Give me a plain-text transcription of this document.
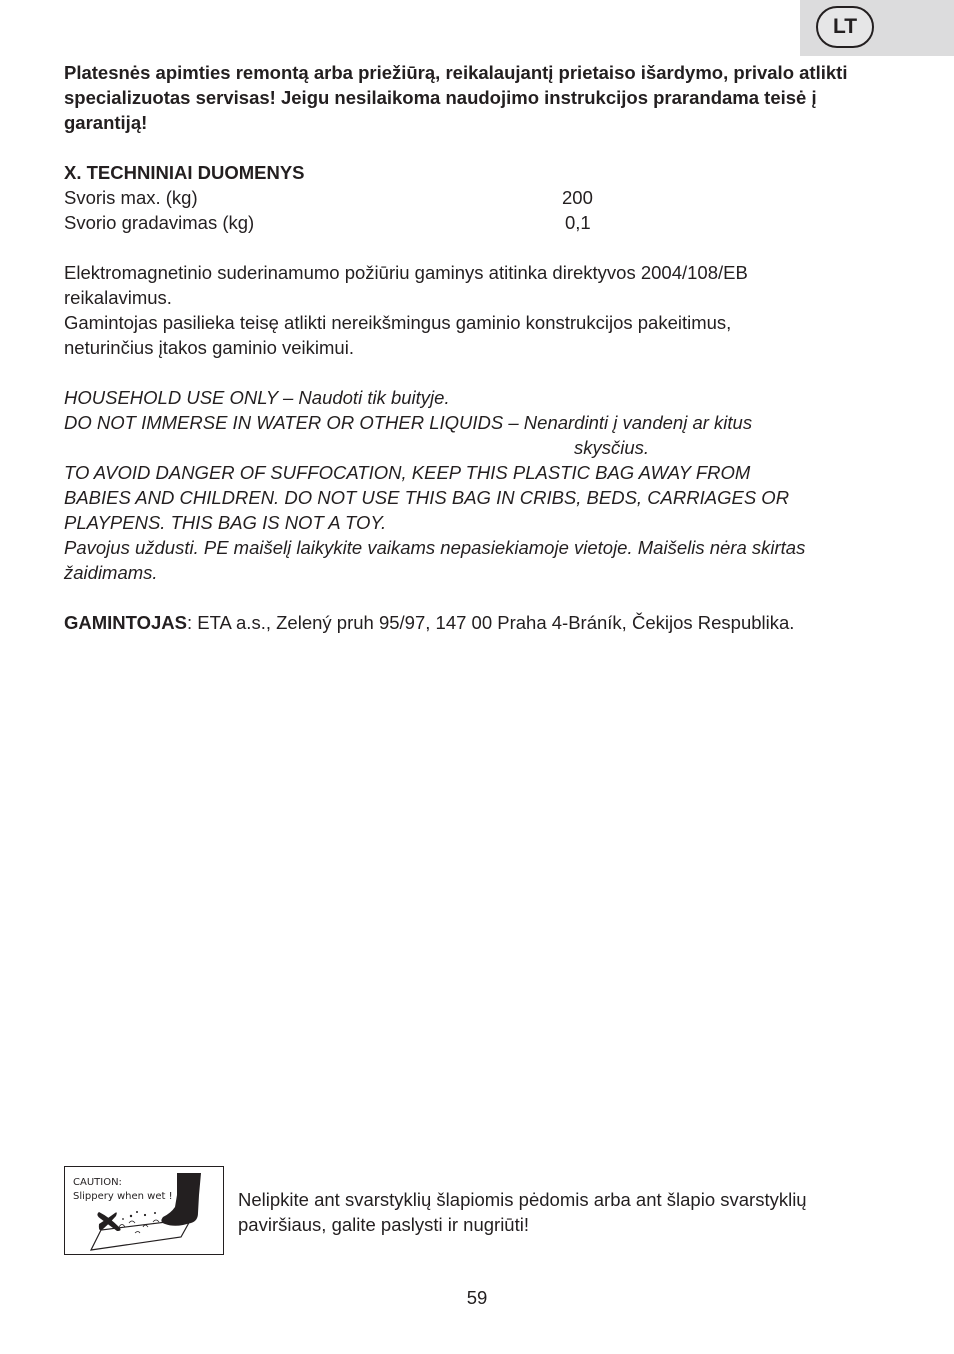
LT

Platesnės apimties remontą arba priežiūrą, reikalaujantį prietaiso išardymo, privalo atlikti specializuotas servisas! Jeigu nesilaikoma naudojimo instrukcijos prarandama teisė į garantiją!

X. TECHNINIAI DUOMENYS

Svoris max. (kg)	200
Svorio gradavimas (kg)	0,1

Elektromagnetinio suderinamumo požiūriu gaminys atitinka direktyvos 2004/108/EB

reikalavimus.

Gamintojas pasilieka teisę atlikti nereikšmingus gaminio konstrukcijos pakeitimus,

neturinčius įtakos gaminio veikimui.

HOUSEHOLD USE ONLY – Naudoti tik buityje.

DO NOT IMMERSE IN WATER OR OTHER LIQUIDS – Nenardinti į vandenį ar kitus

skysčius.

TO AVOID DANGER OF SUFFOCATION, KEEP THIS PLASTIC BAG AWAY FROM

BABIES AND CHILDREN. DO NOT USE THIS BAG IN CRIBS, BEDS, CARRIAGES OR

PLAYPENS. THIS BAG IS NOT A TOY.

Pavojus uždusti. PE maišelį laikykite vaikams nepasiekiamoje vietoje. Maišelis nėra skirtas

žaidimams.

GAMINTOJAS: ETA a.s., Zelený pruh 95/97, 147 00 Praha 4-Bráník, Čekijos Respublika.

CAUTION:
Slippery when wet !	Nelipkite ant svarstyklių šlapiomis pėdomis arba ant šlapio svarstyklių
paviršiaus, galite paslysti ir nugriūti!

59
